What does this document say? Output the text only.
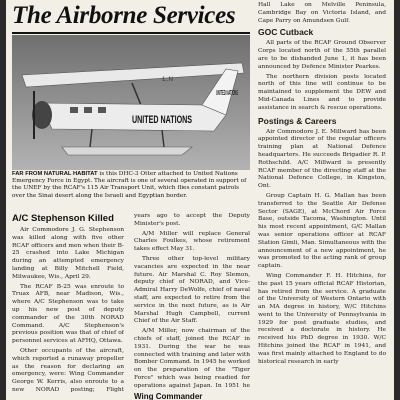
The Airborne Services
UNITED NATIONS
UNITED NATIONS
1..N
FAR FROM NATURAL HABITAT is this DHC-3 Otter attached to United Nations Emergency Force in Egypt. The aircraft is one of several operated in support of the UNEF by the RCAF's 115 Air Transport Unit, which flies constant patrols over the Sinai desert along the Israeli and Egyptian border.
A/C Stephenson Killed

Air Commodore J. G. Stephenson was killed along with five other RCAF officers and men when their B-25 crashed into Lake Michigan during an attempted emergency landing at Billy Mitchell Field, Milwaukee, Wis., April 29.

The RCAF B-25 was enroute to Truax AFB, near Madison, Wis., where A/C Stephenson was to take up his new post of deputy commander of the 30th NORAD Command. A/C Stephenson's previous position was that of chief of personnel services at AFHQ, Ottawa.

Other occupants of the aircraft, which reported a runaway propeller as the reason for declaring an emergency, were: Wing Commander George W. Kerris, also enroute to a new NORAD posting; Flight

years ago to accept the Deputy Minister's post.

A/M Miller will replace General Charles Foulkes, whose retirement takes effect May 31.

Three other top-level military vacancies are expected in the near future. Air Marshal C. Roy Slemon, deputy chief of NORAD, and Vice-Admiral Harry DeWolfe, chief of naval staff, are expected to retire from the service in the next future, as is Air Marshal Hugh Campbell, current Chief of the Air Staff.

A/M Miller, now chairman of the chiefs of staff, joined the RCAF in 1931. During the war he was connected with training and later with Bomber Command. In 1945 he worked on the preparation of the "Tiger Force" which was being readied for operations against Japan. In 1951 he

Wing Commander

Hall Lake on Melville Peninsula, Cambridge Bay on Victoria Island, and Cape Parry on Amundsen Gulf.

GOC Cutback

All parts of the RCAF Ground Observer Corps located north of the 55th parallel are to be disbanded June 1, it has been announced by Defence Minister Pearkes.

The northern division posts located north of this line will continue to be maintained to supplement the DEW and Mid-Canada Lines and to provide assistance in search & rescue operations.

Postings & Careers

Air Commodore J. E. Millward has been appointed director of the regular officers training plan at National Defence headquarters. He succeeds Brigadier R. P. Rothschild. A/C Millward is presently RCAF member of the directing staff at the National Defence College, in Kingston, Ont.

Group Captain H. G. Mallan has been transferred to the Seattle Air Defense Sector (SAGE), at McChord Air Force Base, outside Tacoma, Washington. Until his most recent appointment, G/C Mallan was senior operations officer at RCAF Station Gimli, Man. Simultaneous with the announcement of a new appointment, he was promoted to the acting rank of group captain.

Wing Commander F. H. Hitchins, for the past 15 years official RCAF Historian, has retired from the service. A graduate of the University of Western Ontario with an MA degree in history, W/C Hitchins went to the University of Pennsylvania in 1929 for post graduate studies, and received a doctorate in history. He received his PhD degree in 1930. W/C Hitchins joined the RCAF in 1941, and was first mainly attached to England to do historical research in early
